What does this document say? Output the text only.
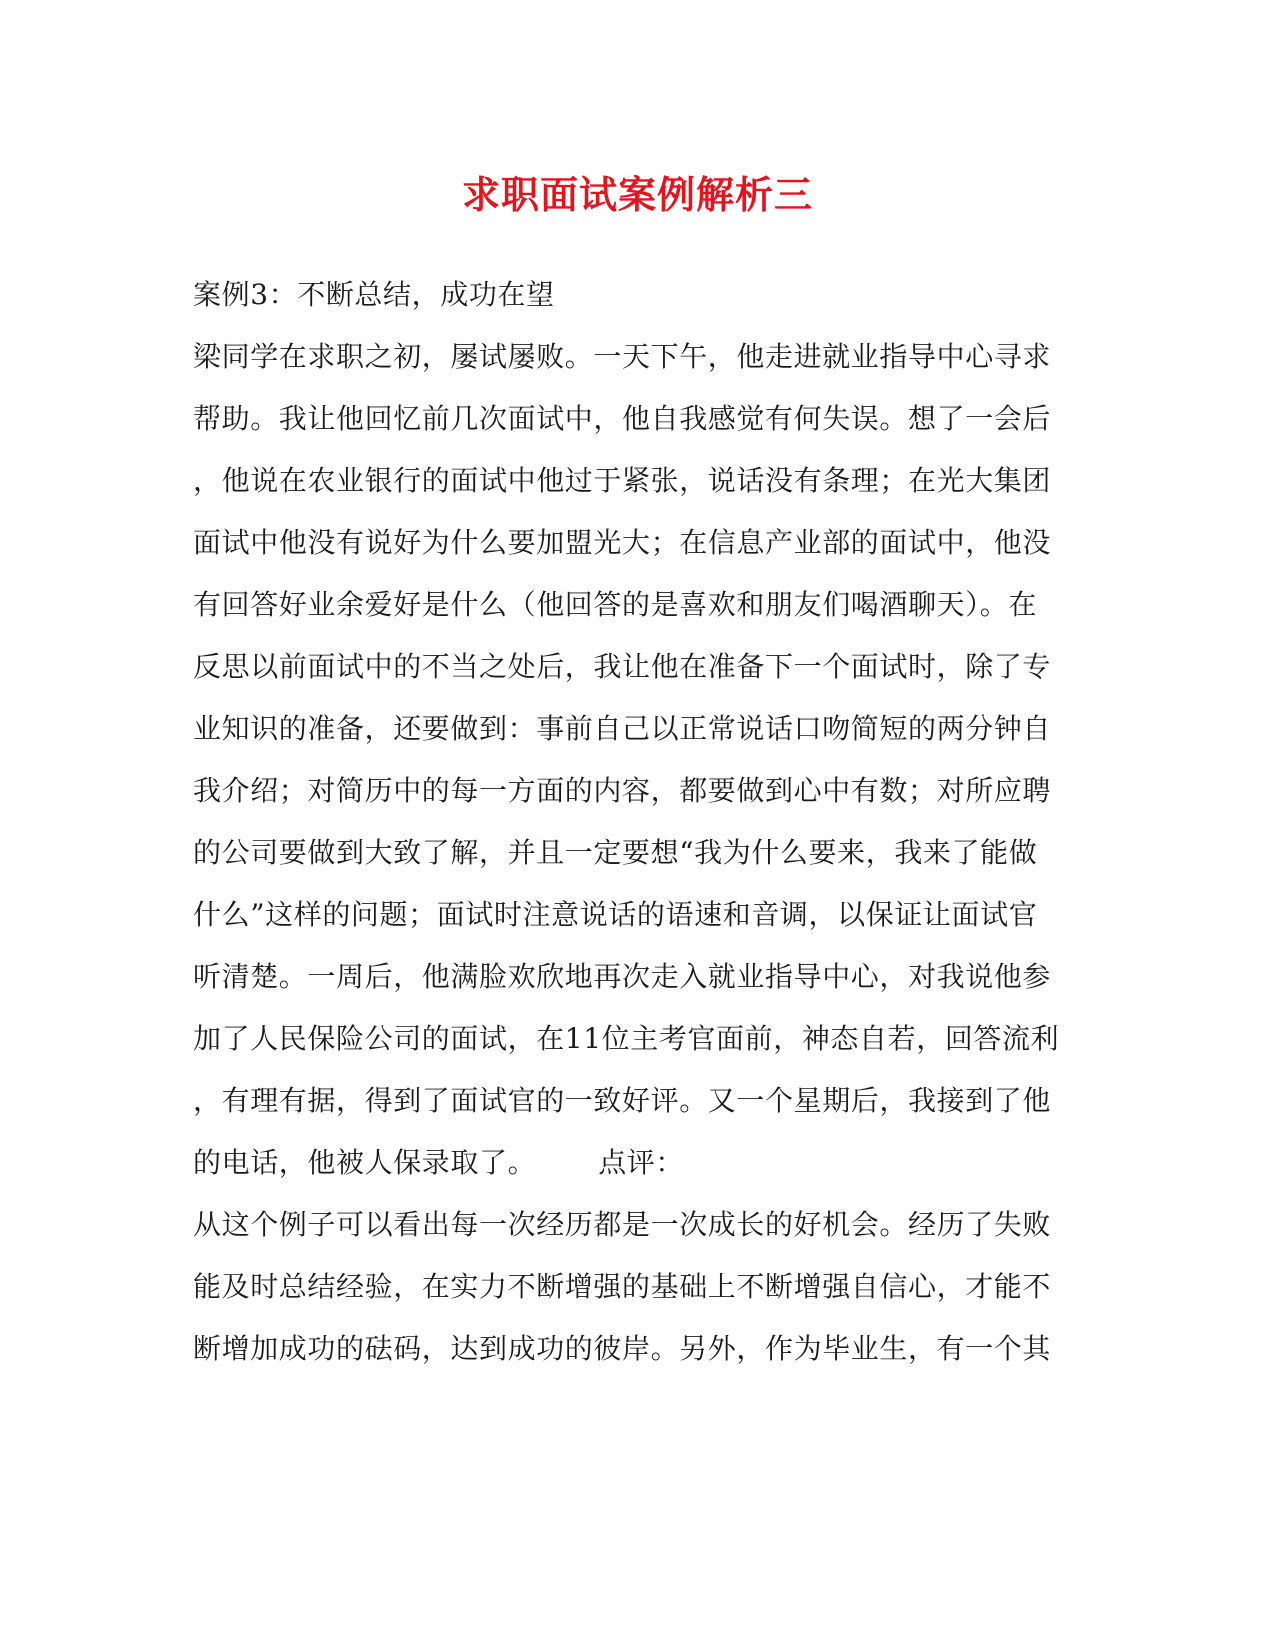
求职面试案例解析三
案例3：不断总结，成功在望
梁同学在求职之初，屡试屡败。一天下午，他走进就业指导中心寻求
帮助。我让他回忆前几次面试中，他自我感觉有何失误。想了一会后
，他说在农业银行的面试中他过于紧张，说话没有条理；在光大集团
面试中他没有说好为什么要加盟光大；在信息产业部的面试中，他没
有回答好业余爱好是什么（他回答的是喜欢和朋友们喝酒聊天）。在
反思以前面试中的不当之处后，我让他在准备下一个面试时，除了专
业知识的准备，还要做到：事前自己以正常说话口吻简短的两分钟自
我介绍；对简历中的每一方面的内容，都要做到心中有数；对所应聘
的公司要做到大致了解，并且一定要想“我为什么要来，我来了能做
什么”这样的问题；面试时注意说话的语速和音调，以保证让面试官
听清楚。一周后，他满脸欢欣地再次走入就业指导中心，对我说他参
加了人民保险公司的面试，在11位主考官面前，神态自若，回答流利
，有理有据，得到了面试官的一致好评。又一个星期后，我接到了他
的电话，他被人保录取了。 点评：
从这个例子可以看出每一次经历都是一次成长的好机会。经历了失败
能及时总结经验，在实力不断增强的基础上不断增强自信心，才能不
断增加成功的砝码，达到成功的彼岸。另外，作为毕业生，有一个其
